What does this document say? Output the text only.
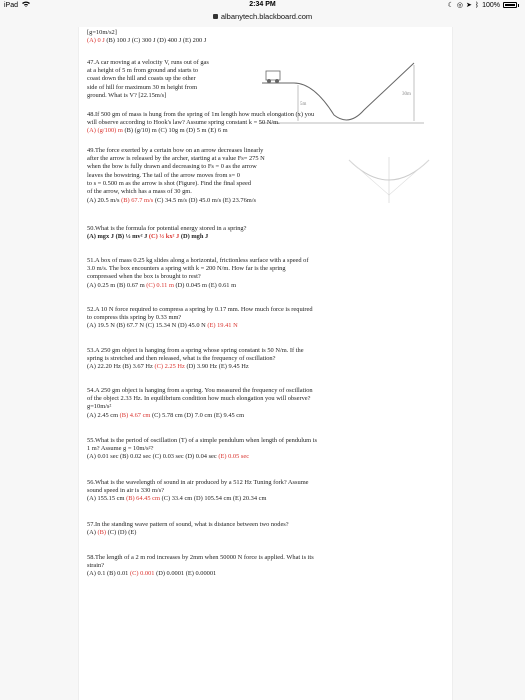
iPad	2:34 PM	☾ ◎ ➤ ᛒ 100%
albanytech.blackboard.com
[g=10m/s2]
(A) 0 J (B) 100 J (C) 300 J (D) 400 J (E) 200 J
47.A car moving at a velocity V, runs out of gas
at a height of 5 m from ground and starts to
coast down the hill and coasts up the other
side of hill for maximum 30 m height from
ground. What is V? [22.15m/s]
5m
30m
48.If 500 gm of mass is hung from the spring of 1m length how much elongation (x) you
will observe according to Hook's law? Assume spring constant k = 50 N/m.
(A) (g/100) m (B) (g/10) m (C) 10g m (D) 5 m (E) 6 m
49.The force exerted by a certain bow on an arrow decreases linearly
after the arrow is released by the archer, starting at a value Fs= 275 N
when the bow is fully drawn and decreasing to Fs = 0 as the arrow
leaves the bowstring. The tail of the arrow moves from s= 0
to s = 0.500 m as the arrow is shot (Figure). Find the final speed
of the arrow, which has a mass of 30 gm.
(A) 20.5 m/s (B) 67.7 m/s (C) 34.5 m/s (D) 45.0 m/s (E) 23.76m/s
50.What is the formula for potential energy stored in a spring?
(A) mgx J (B) ½ mv² J (C) ½ kx² J (D) mgh J
51.A box of mass 0.25 kg slides along a horizontal, frictionless surface with a speed of
3.0 m/s. The box encounters a spring with k = 200 N/m. How far is the spring
compressed when the box is brought to rest?
(A) 0.25 m (B) 0.67 m (C) 0.11 m (D) 0.045 m (E) 0.61 m
52.A 10 N force required to compress a spring by 0.17 mm. How much force is required
to compress this spring by 0.33 mm?
(A) 19.5 N (B) 67.7 N (C) 15.34 N (D) 45.0 N (E) 19.41 N
53.A 250 gm object is hanging from a spring whose spring constant is 50 N/m. If the
spring is stretched and then released, what is the frequency of oscillation?
(A) 22.20 Hz (B) 3.67 Hz (C) 2.25 Hz (D) 3.90 Hz (E) 9.45 Hz
54.A 250 gm object is hanging from a spring. You measured the frequency of oscillation
of the object 2.33 Hz. In equilibrium condition how much elongation you will observe?
g=10m/s²
(A) 2.45 cm (B) 4.67 cm (C) 5.78 cm (D) 7.0 cm (E) 9.45 cm
55.What is the period of oscillation (T) of a simple pendulum when length of pendulum is
1 m? Assume g = 10m/s²?
(A) 0.01 sec (B) 0.02 sec (C) 0.03 sec (D) 0.04 sec (E) 0.05 sec
56.What is the wavelength of sound in air produced by a 512 Hz Tuning fork? Assume
sound speed in air is 330 m/s?
(A) 155.15 cm (B) 64.45 cm (C) 33.4 cm (D) 105.54 cm (E) 20.34 cm
57.In the standing wave pattern of sound, what is distance between two nodes?
(A) (B) (C) (D) (E)
58.The length of a 2 m rod increases by 2mm when 50000 N force is applied. What is its
strain?
(A) 0.1 (B) 0.01 (C) 0.001 (D) 0.0001 (E) 0.00001
